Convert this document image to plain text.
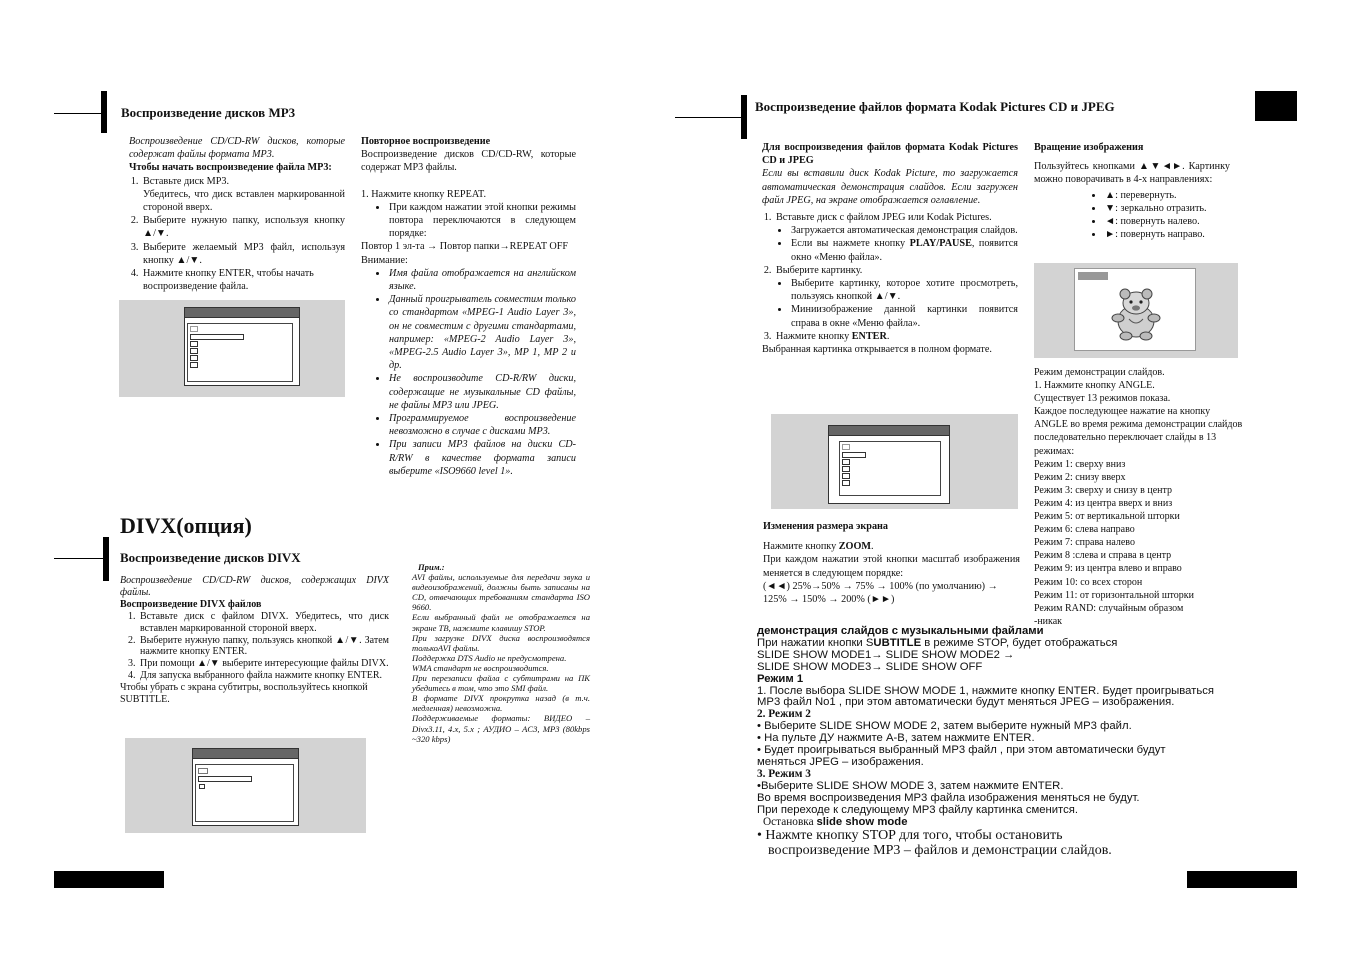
Воспроизведение дисков MP3

Воспроизведение CD/CD-RW дисков, которые содержат файлы формата MP3.

Чтобы начать воспроизведение файла MP3:

1. Вставьте диск MP3.

Убедитесь, что диск вставлен маркированной стороной вверх.

2. Выберите нужную папку, используя кнопку ▲/▼.
3. Выберите желаемый MP3 файл, используя кнопку ▲/▼.
4. Нажмите кнопку ENTER, чтобы начать воспроизведение файла.

Повторное воспроизведение

Воспроизведение дисков CD/CD-RW, которые содержат MP3 файлы.

1. Нажмите кнопку REPEAT.

• При каждом нажатии этой кнопки режимы повтора переключаются в следующем порядке:

Повтор 1 эл-та → Повтор папки→REPEAT OFF

Внимание:

• Имя файла отображается на английском языке.
• Данный проигрыватель совместим только со стандартом «MPEG-1 Audio Layer 3», он не совместим с другими стандартами, например: «MPEG-2 Audio Layer 3», «MPEG-2.5 Audio Layer 3», MP 1, MP 2 и др.
• Не воспроизводите CD-R/RW диски, содержащие не музыкальные CD файлы, не файлы MP3 или JPEG.
• Программируемое воспроизведение невозможно в случае с дисками MP3.
• При записи MP3 файлов на диски CD-R/RW в качестве формата записи выберите «ISO9660 level 1».
DIVX(опция)
Воспроизведение дисков DIVX

Воспроизведение CD/CD-RW дисков, содержащих DIVX файлы.

Воспроизведение DIVX файлов

1. Вставьте диск с файлом DIVX. Убедитесь, что диск вставлен маркированной стороной вверх.
2. Выберите нужную папку, пользуясь кнопкой ▲/▼. Затем нажмите кнопку ENTER.
3. При помощи ▲/▼ выберите интересующие файлы DIVX.
4. Для запуска выбранного файла нажмите кнопку ENTER.

Чтобы убрать с экрана субтитры, воспользуйтесь кнопкой SUBTITLE.

Прим.:

AVI файлы, используемые для передачи звука и видеоизображений, должны быть записаны на CD, отвечающих требованиям стандарта ISO 9660.

Если выбранный файл не отображается на экране ТВ, нажмите клавишу STOP.

При загрузке DIVX диска воспроизводятся толькоAVI файлы.

Поддержка DTS Audio не предусмотрена.

WMA стандарт не воспроизводится.

При перезаписи файла с субтитрами на ПК убедитесь в том, что это SMI файл.

В формате DIVX прокрутка назад (в т.ч. медленная) невозможна.

Поддерживаемые форматы: ВИДЕО – Divx3.11, 4.x, 5.x ; АУДИО – AC3, MP3 (80kbps ~320 kbps)

Воспроизведение файлов формата Kodak Pictures CD и JPEG

Для воспроизведения файлов формата Kodak Pictures CD и JPEG

Если вы вставили диск Kodak Picture, то загружается автоматическая демонстрация слайдов. Если загружен файл JPEG, на экране отображается оглавление.

1. Вставьте диск с файлом JPEG или Kodak Pictures.
• Загружается автоматическая демонстрация слайдов.
• Если вы нажмете кнопку PLAY/PAUSE, появится окно «Меню файла».
2. Выберите картинку.
• Выберите картинку, которое хотите просмотреть, пользуясь кнопкой ▲/▼.
• Миниизображение данной картинки появится справа в окне «Меню файла».
3. Нажмите кнопку ENTER.

Выбранная картинка открывается в полном формате.

Изменения размера экрана

Нажмите кнопку ZOOM.

При каждом нажатии этой кнопки масштаб изображения меняется в следующем порядке:

(◄◄) 25%→50% → 75% → 100% (по умолчанию) → 125% → 150% → 200% (►►)

Вращение изображения

Пользуйтесь кнопками ▲▼◄►. Картинку можно поворачивать в 4-х направлениях:

• ▲: перевернуть.
• ▼: зеркально отразить.
• ◄: повернуть налево.
• ►: повернуть направо.

Режим демонстрации слайдов.

1. Нажмите кнопку ANGLE.

Существует 13 режимов показа.

Каждое последующее нажатие на кнопку ANGLE во время режима демонстрации слайдов последовательно переключает слайды в 13 режимах:

Режим 1: сверху вниз

Режим 2: снизу вверх

Режим 3: сверху и снизу в центр

Режим 4: из центра вверх и вниз

Режим 5: от вертикальной шторки

Режим 6: слева направо

Режим 7: справа налево

Режим 8 :слева и справа в центр

Режим 9: из центра влево и вправо

Режим 10: со всех сторон

Режим 11: от горизонтальной шторки

Режим RAND: случайным образом

-никак

демонстрация слайдов с музыкальными файлами

При нажатии кнопки SUBTITLE в режиме STOP, будет отображаться

SLIDE SHOW MODE1→ SLIDE SHOW MODE2 →

SLIDE SHOW MODE3→ SLIDE SHOW OFF

Режим 1

1. После выбора SLIDE SHOW MODE 1, нажмите кнопку ENTER. Будет проигрываться MP3 файл No1 , при этом автоматически будут меняться JPEG – изображения.

2. Режим 2

• Выберите SLIDE SHOW MODE 2, затем выберите нужный MP3 файл.

• На пульте ДУ нажмите A-B, затем нажмите ENTER.

• Будет проигрываться выбранный MP3 файл , при этом автоматически будут меняться JPEG – изображения.

3. Режим 3

•Выберите SLIDE SHOW MODE 3, затем нажмите ENTER.

Во время воспроизведения MP3 файла изображения меняться не будут.

При переходе к следующему MP3 файлу картинка сменится.

Остановка slide show mode

• Нажмте кнопку STOP для того, чтобы остановить

воспроизведение MP3 – файлов и демонстрации слайдов.
